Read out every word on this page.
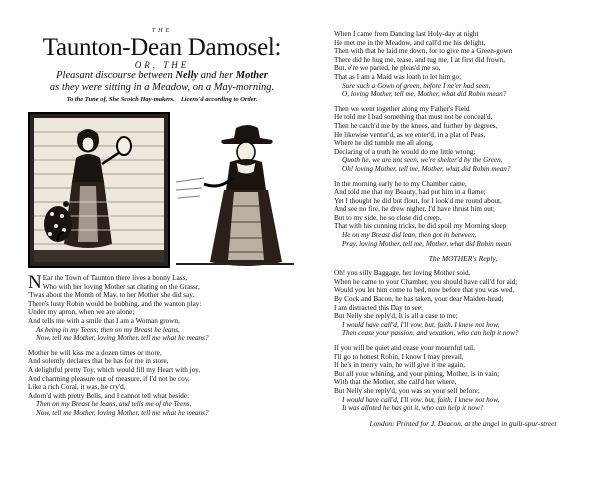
THE
Taunton-Dean Damosel:
OR, THE
Pleasant discourse between Nelly and her Mother
as they were sitting in a Meadow, on a May-morning.
To the Tune of, She Scotch Hay-makers. Licens'd according to Order.
N Ear the Town of Taunton there lives a bonny Lass,
Who with her loving Mother sat chating on the Grassr,
'Twas about the Month of May, to her Mother she did say,
There's lusty Robin would be bobbing, and the wanton play:
Under my apron, when we are alone;
And tells me with a smile that I am a Woman grown,
As being in my Teens; then on my Breast he leans,
Now, tell me Mother, loving Mother, tell me what he means?
Mother he will kiss me a dozen times or more,
And solemly declares that he has for me in store,
A delightful pretty Toy, which would fill my Heart with joy,
And charming pleasure out of measure, if I'd not be coy,
Like a rich Coral, it was, he cry'd,
Adorn'd with pretty Bells, and I cannot tell what beside:
Then on my Breast he leans, and tells me of the Teens,
Now, tell me Mother, loving Mother, tell me what he means?
When I came from Dancing last Holy-day at night
He met me in the Meadow, and call'd me his delight,
Then with that he laid me down, for to give me a Green-gown
There did he hug me, tease, and tug me, I at first did frown,
But, e're we parted, he pleas'd me so,
That as I am a Maid was loath to let him go;
Sure such a Gown of green, before I ne'er had seen,
O, loving Mother, tell me, Mother, what did Robin mean?
Then we went together along my Father's Field
He told me I had something that must not be conceal'd,
Then he catch'd me by the knees, and further by degrees,
He likewise ventur'd, as we enter'd, in a plat of Peas,
Where he did tumble me all along,
Declaring of a truth he would do me little wrong;
Quoth he, we are not seen, we're shelter'd by the Green,
Oh! loving Mother, tell me, Mother, what did Robin mean?
In the morning early he to my Chamber came,
And told me that my Beauty, had put him in a flame;
Yet I thought he did but flout, for I look'd me round about,
And see no fire, he drew nigher, I'd have thrust him out;
But to my side, he so close did creep,
That with his cunning tricks, he did spoil my Morning sleep
He on my Breast did lean, then got in between,
Pray, loving Mother, tell me, Mother, what did Robin mean
The MOTHER's Reply,
Oh! you silly Baggage, her loving Mother soid,
When he came to your Chamber, you should have call'd for aid;
Would you let him come to bed, now before that you was wed,
By Cock and Bacon, he has taken, your dear Maiden-head;
I am distracted this Day to see:
But Nelly she reply'd, It is all a case to me;
I would have call'd, I'll vow, but, faith, I knew not how,
Then cease your passion, and vexation, who can help it now?
If you will be quiet and cease your mournful tail,
I'll go to honest Robin, I know I may prevail,
If he's in merry vain, he will give it me again,
But all your whining, and your pining, Mother, is in vain;
With that the Mother, she call'd her where,
But Nelly she reply'd, you was so your self before;
I would have call'd, I'll vow, but, faith, I knew not how,
It was alloted he has got it, who can help it now?
London: Printed for J. Deacon, at the angel in guilt-spur-street
